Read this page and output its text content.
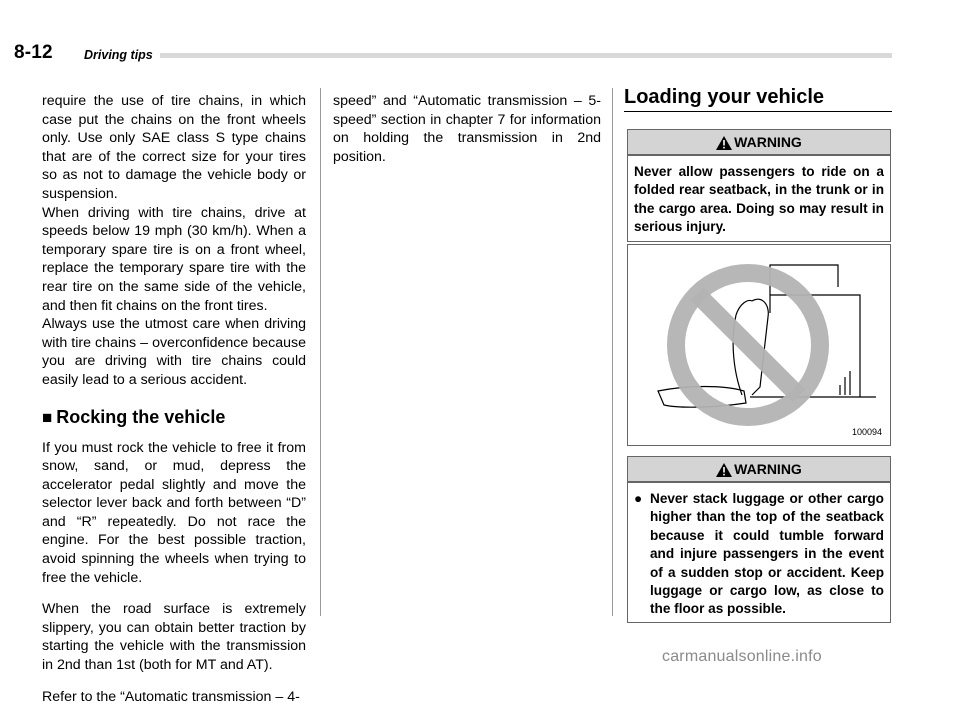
8-12 Driving tips

require the use of tire chains, in which case put the chains on the front wheels only. Use only SAE class S type chains that are of the correct size for your tires so as not to damage the vehicle body or suspension.

When driving with tire chains, drive at speeds below 19 mph (30 km/h). When a temporary spare tire is on a front wheel, replace the temporary spare tire with the rear tire on the same side of the vehicle, and then fit chains on the front tires.

Always use the utmost care when driving with tire chains – overconfidence because you are driving with tire chains could easily lead to a serious accident.

■ Rocking the vehicle

If you must rock the vehicle to free it from snow, sand, or mud, depress the accelerator pedal slightly and move the selector lever back and forth between “D” and “R” repeatedly. Do not race the engine. For the best possible traction, avoid spinning the wheels when trying to free the vehicle.

When the road surface is extremely slippery, you can obtain better traction by starting the vehicle with the transmission in 2nd than 1st (both for MT and AT).

Refer to the “Automatic transmission – 4-

speed” and “Automatic transmission – 5-speed” section in chapter 7 for information on holding the transmission in 2nd position.

Loading your vehicle
WARNING
Never allow passengers to ride on a folded rear seatback, in the trunk or in the cargo area. Doing so may result in serious injury.
100094
WARNING
● Never stack luggage or other cargo higher than the top of the seatback because it could tumble forward and injure passengers in the event of a sudden stop or accident. Keep luggage or cargo low, as close to the floor as possible.
carmanualsonline.info
